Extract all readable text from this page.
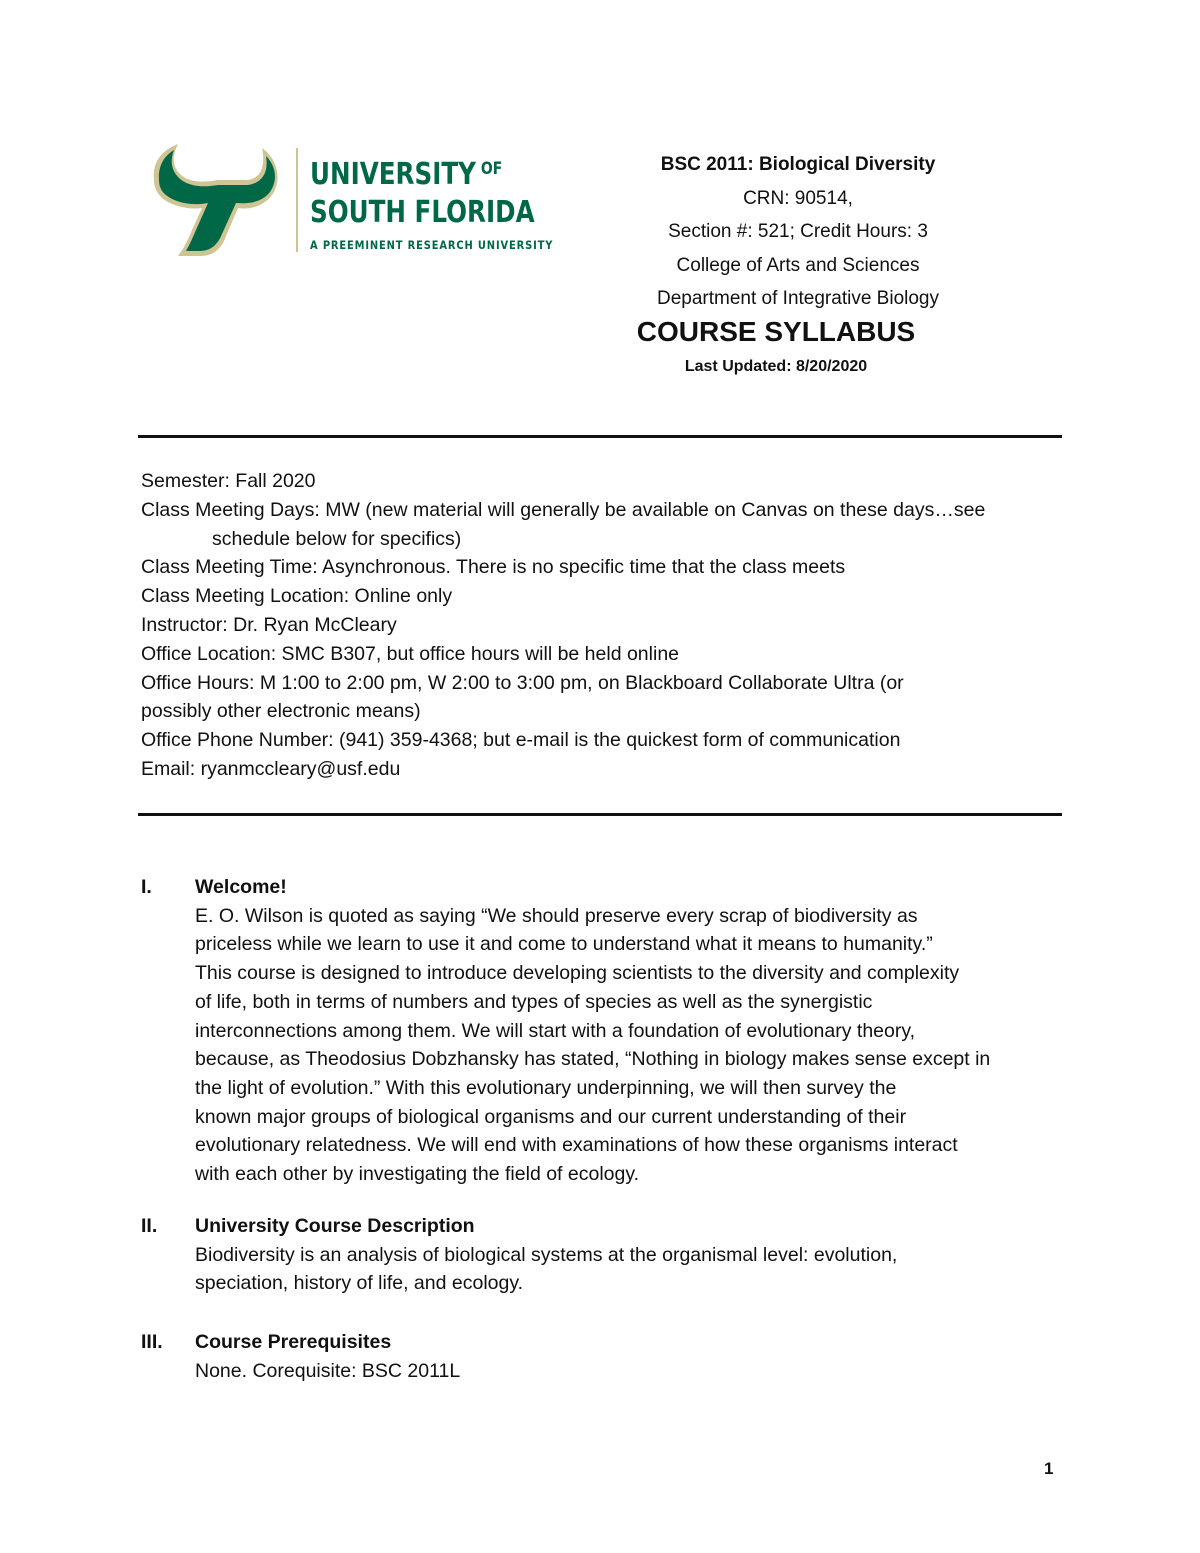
UNIVERSITY $^{OF}$
SOUTH FLORIDA
A PREEMINENT RESEARCH UNIVERSITY
BSC 2011: Biological Diversity
CRN: 90514,
Section #: 521; Credit Hours: 3
College of Arts and Sciences
Department of Integrative Biology
COURSE SYLLABUS
Last Updated: 8/20/2020

Semester: Fall 2020

Class Meeting Days: MW (new material will generally be available on Canvas on these days…see

schedule below for specifics)

Class Meeting Time: Asynchronous. There is no specific time that the class meets

Class Meeting Location: Online only

Instructor: Dr. Ryan McCleary

Office Location: SMC B307, but office hours will be held online

Office Hours: M 1:00 to 2:00 pm, W 2:00 to 3:00 pm, on Blackboard Collaborate Ultra (or

possibly other electronic means)

Office Phone Number: (941) 359-4368; but e-mail is the quickest form of communication

Email: ryanmccleary@usf.edu

I. Welcome!

E. O. Wilson is quoted as saying “We should preserve every scrap of biodiversity as

priceless while we learn to use it and come to understand what it means to humanity.”

This course is designed to introduce developing scientists to the diversity and complexity

of life, both in terms of numbers and types of species as well as the synergistic

interconnections among them. We will start with a foundation of evolutionary theory,

because, as Theodosius Dobzhansky has stated, “Nothing in biology makes sense except in

the light of evolution.” With this evolutionary underpinning, we will then survey the

known major groups of biological organisms and our current understanding of their

evolutionary relatedness. We will end with examinations of how these organisms interact

with each other by investigating the field of ecology.

II. University Course Description

Biodiversity is an analysis of biological systems at the organismal level: evolution,

speciation, history of life, and ecology.

III. Course Prerequisites

None. Corequisite: BSC 2011L

1
